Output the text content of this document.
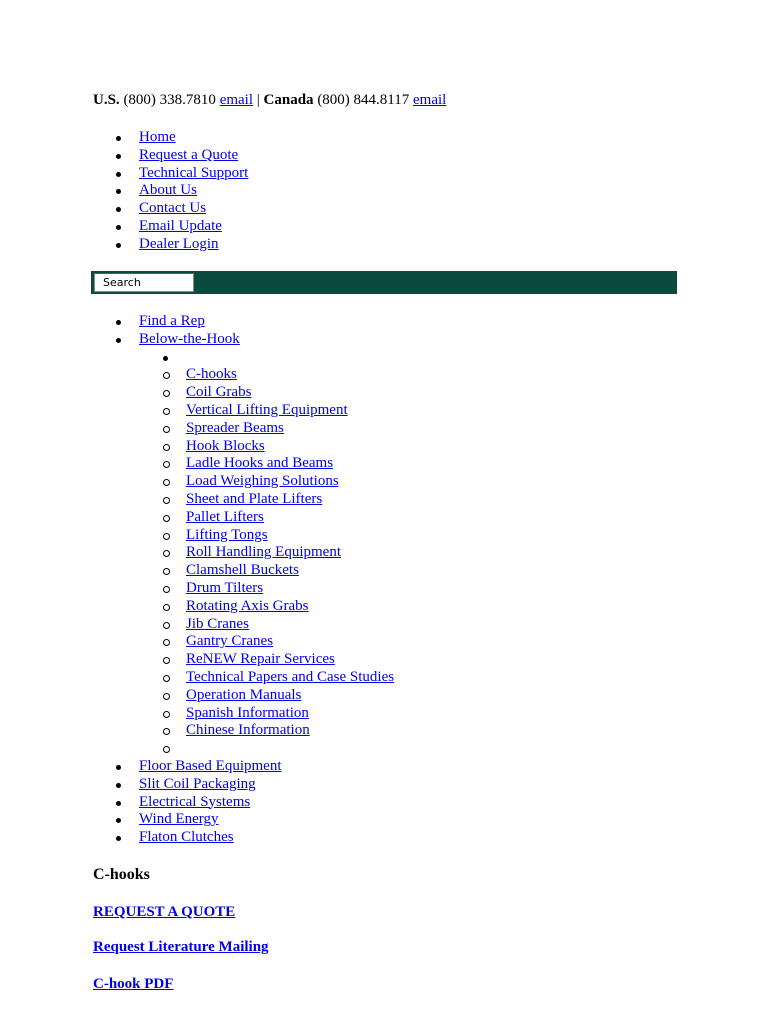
U.S. (800) 338.7810 email | Canada (800) 844.8117 email
Home
Request a Quote
Technical Support
About Us
Contact Us
Email Update
Dealer Login
Search
Find a Rep
Below-the-Hook
C-hooks
Coil Grabs
Vertical Lifting Equipment
Spreader Beams
Hook Blocks
Ladle Hooks and Beams
Load Weighing Solutions
Sheet and Plate Lifters
Pallet Lifters
Lifting Tongs
Roll Handling Equipment
Clamshell Buckets
Drum Tilters
Rotating Axis Grabs
Jib Cranes
Gantry Cranes
ReNEW Repair Services
Technical Papers and Case Studies
Operation Manuals
Spanish Information
Chinese Information
Floor Based Equipment
Slit Coil Packaging
Electrical Systems
Wind Energy
Flaton Clutches
C-hooks
REQUEST A QUOTE
Request Literature Mailing
C-hook PDF
